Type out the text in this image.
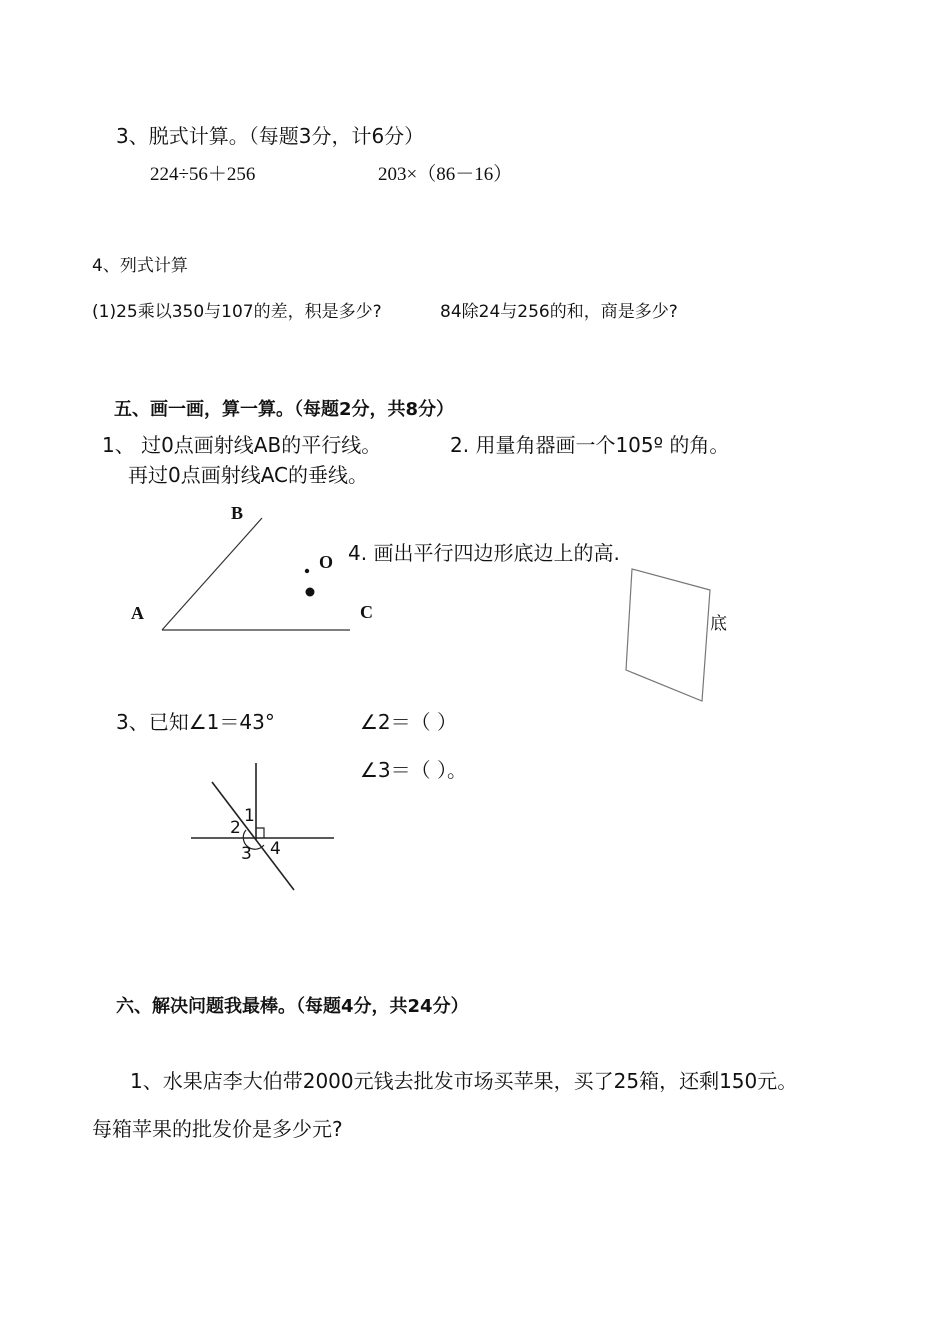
3、脱式计算。（每题3分，计6分）
224÷56＋256	203×（86－16）
4、列式计算
(1)25乘以350与107的差，积是多少?	84除24与256的和，商是多少?
五、画一画，算一算。（每题2分，共8分）
1、 过0点画射线AB的平行线。
再过0点画射线AC的垂线。
2. 用量角器画一个105º 的角。
B
O
A	C
4. 画出平行四边形底边上的高.
底
3、已知∠1＝43°	∠2＝（ ）
∠3＝（ ）。
1
2
3 4
六、解决问题我最棒。（每题4分，共24分）
1、水果店李大伯带2000元钱去批发市场买苹果，买了25箱，还剩150元。
每箱苹果的批发价是多少元?
